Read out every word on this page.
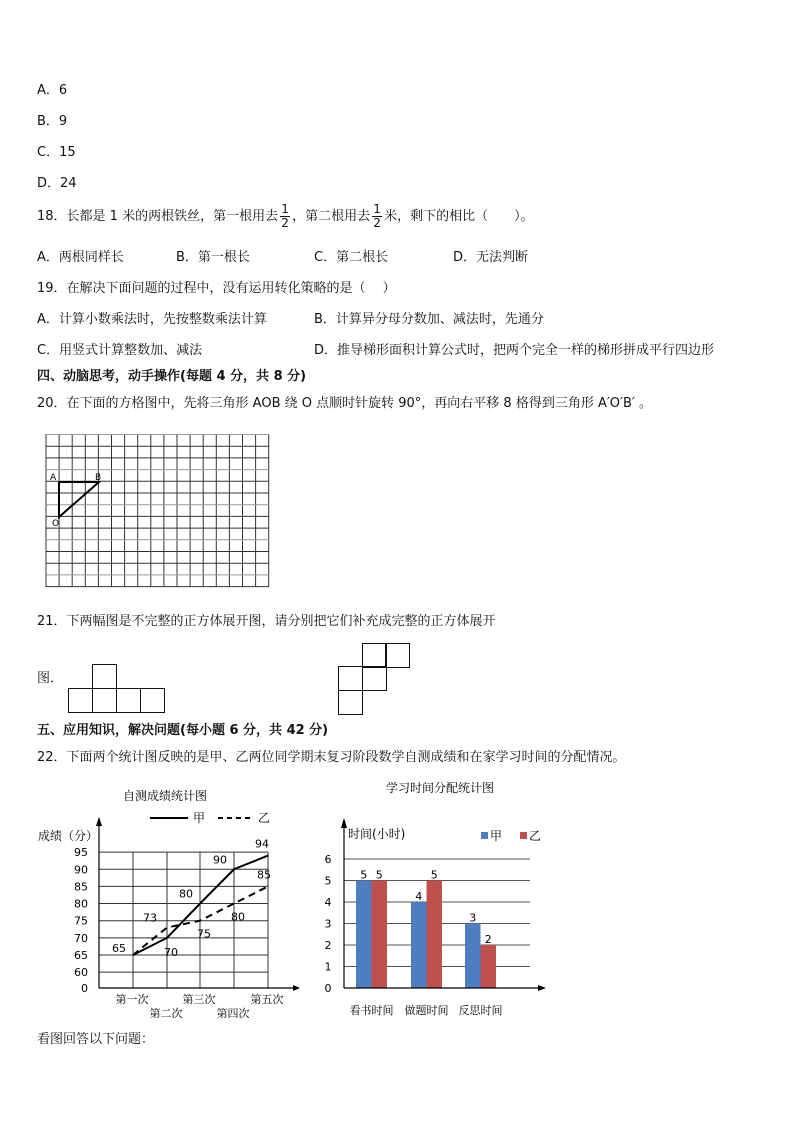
A．6
B．9
C．15
D．24
18．长都是 1 米的两根铁丝，第一根用去 $\frac{1}{2}$ ，第二根用去 $\frac{1}{2}$ 米，剩下的相比（　　）。
A．两根同样长	B．第一根长	C．第二根长	D．无法判断
19．在解决下面问题的过程中，没有运用转化策略的是（　 ）
A．计算小数乘法时，先按整数乘法计算	B．计算异分母分数加、减法时，先通分
C．用竖式计算整数加、减法	D．推导梯形面积计算公式时，把两个完全一样的梯形拼成平行四边形
四、动脑思考，动手操作(每题 4 分，共 8 分)
20．在下面的方格图中，先将三角形 AOB 绕 O 点顺时针旋转 90°，再向右平移 8 格得到三角形 A′O′B′ 。
A	B
O
21．下两幅图是不完整的正方体展开图，请分别把它们补充成完整的正方体展开
图．
五、应用知识，解决问题(每小题 6 分，共 42 分)
22．下面两个统计图反映的是甲、乙两位同学期末复习阶段数学自测成绩和在家学习时间的分配情况。
自测成绩统计图
成绩（分）
甲	乙
0
60
65
70
75
80
85
90
95
第一次
第二次
第三次
第四次
第五次
65	70
80
90
94
73
75
80
85
学习时间分配统计图
时间(小时)	甲 乙
0
1
2
3
4
5
6
5
4
3
5	5
2
看书时间 做题时间 反思时间
看图回答以下问题：
